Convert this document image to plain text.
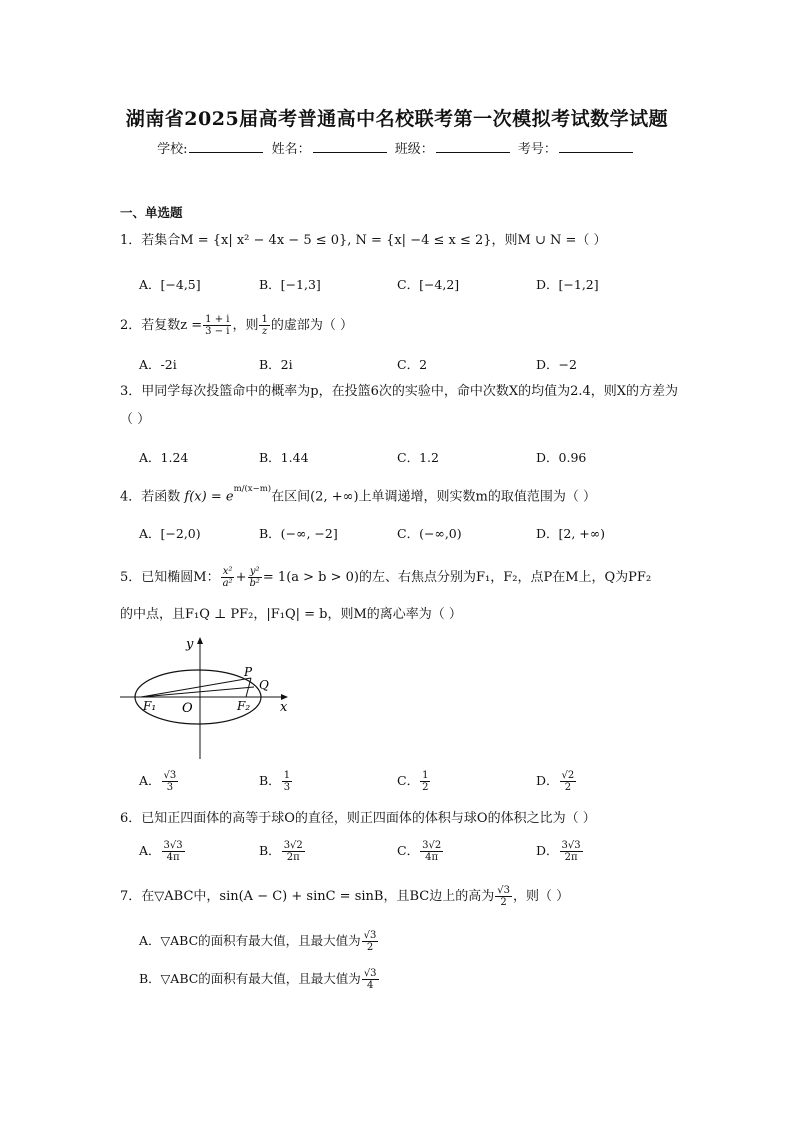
湖南省2025届高考普通高中名校联考第一次模拟考试数学试题
学校:	姓名：	班级：	考号：
一、单选题
1．若集合M = {x| x² − 4x − 5 ≤ 0}, N = {x| −4 ≤ x ≤ 2}，则M ∪ N =（ ）
A．[−4,5]	B．[−1,3]	C．[−4,2]	D．[−1,2]
2．若复数$z = \frac{1 + i}{3 - i}$ ，则 $\frac{1}{z}$ 的虚部为（ ）
A．-2i	B．2i	C．2	D．−2
3．甲同学每次投篮命中的概率为p，在投篮6次的实验中，命中次数X的均值为2.4，则X的方差为（ ）
A．1.24	B．1.44	C．1.2	D．0.96
4．若函数 $f(x) = e^{m/(x-m)}$在区间(2, +∞)上单调递增，则实数m的取值范围为（ ）
A．[−2,0)	B．(−∞, −2]	C．(−∞,0)	D．[2, +∞)
5．已知椭圆M： $\frac{\text{x²}}{\text{a²}} + \frac{\text{y²}}{\text{b²}} = 1(a > b > 0)$的左、右焦点分别为F₁，F₂，点P在M上，Q为PF₂
的中点，且F₁Q ⊥ PF₂，|F₁Q| = b，则M的离心率为（ ）
y
x
O
F₁	F₂
P
Q
A． $\frac{√3}{3}$	B． $\frac{1}{3}$	C． $\frac{1}{2}$	D． $\frac{√2}{2}$
6．已知正四面体的高等于球O的直径，则正四面体的体积与球O的体积之比为（ ）
A． $\frac{3√3}{4\pi}$	B． $\frac{3√2}{2\pi}$	C． $\frac{3√2}{4\pi}$	D． $\frac{3√3}{2\pi}$
7．在▽ABC中，sin(A − C) + sinC = sinB，且BC边上的高为 $\frac{√3}{2}$ ，则（ ）
A．▽ABC的面积有最大值，且最大值为 $\frac{√3}{2}$
B．▽ABC的面积有最大值，且最大值为 $\frac{√3}{4}$
